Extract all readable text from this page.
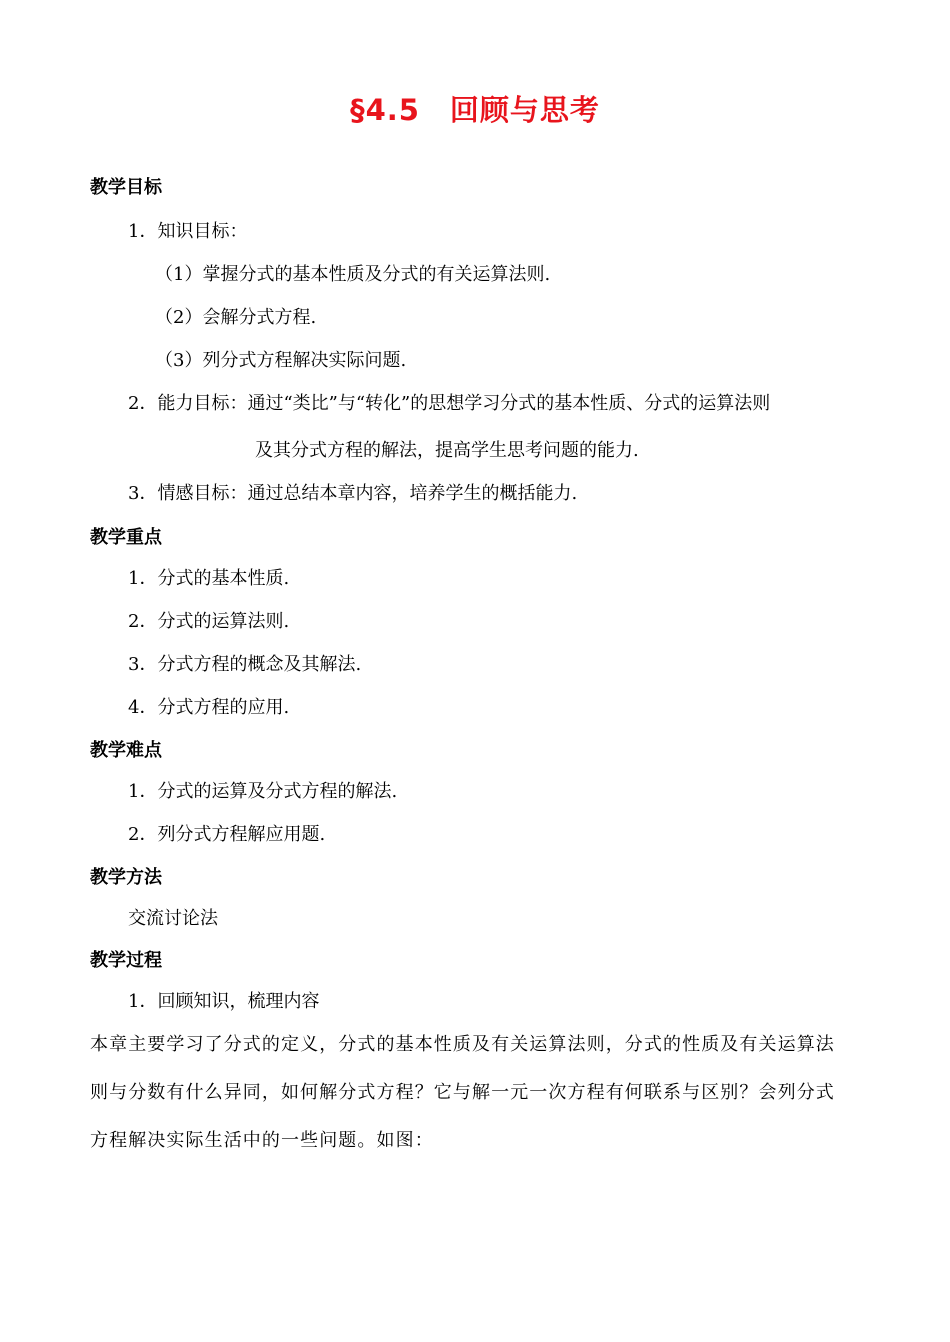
§4.5　回顾与思考
教学目标
1．知识目标：
（1）掌握分式的基本性质及分式的有关运算法则.
（2）会解分式方程.
（3）列分式方程解决实际问题.
2．能力目标：通过“类比”与“转化”的思想学习分式的基本性质、分式的运算法则
及其分式方程的解法，提高学生思考问题的能力.
3．情感目标：通过总结本章内容，培养学生的概括能力.
教学重点
1．分式的基本性质.
2．分式的运算法则.
3．分式方程的概念及其解法.
4．分式方程的应用.
教学难点
1．分式的运算及分式方程的解法.
2．列分式方程解应用题.
教学方法
交流讨论法
教学过程
1．回顾知识，梳理内容
本章主要学习了分式的定义，分式的基本性质及有关运算法则，分式的性质及有关运算法
则与分数有什么异同，如何解分式方程？它与解一元一次方程有何联系与区别？会列分式
方程解决实际生活中的一些问题。如图：
